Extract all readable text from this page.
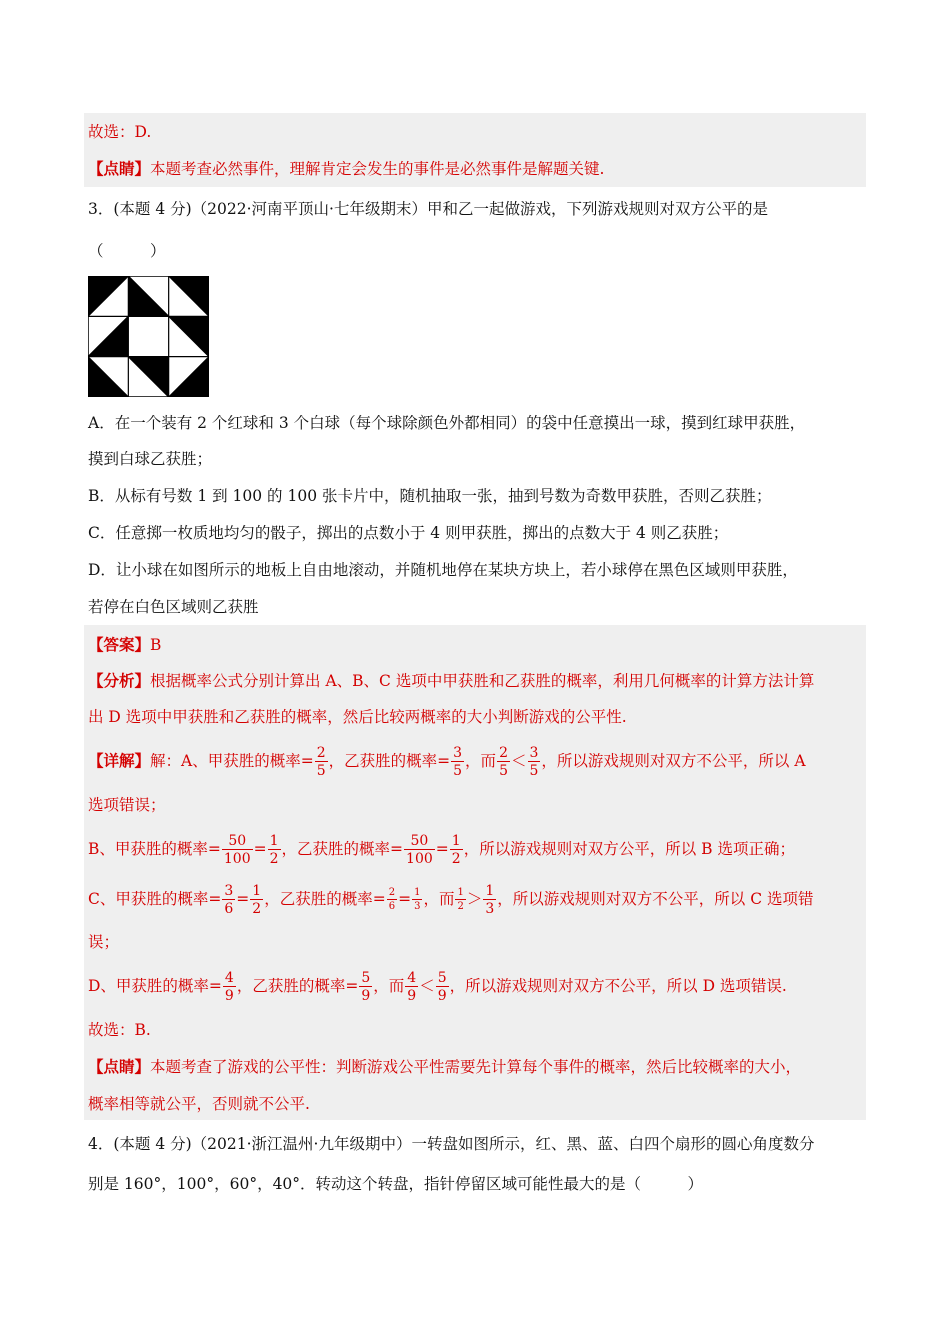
故选：D.
【点睛】本题考查必然事件，理解肯定会发生的事件是必然事件是解题关键.
3．(本题 4 分)（2022·河南平顶山·七年级期末）甲和乙一起做游戏，下列游戏规则对双方公平的是
（　　　）
A．在一个装有 2 个红球和 3 个白球（每个球除颜色外都相同）的袋中任意摸出一球，摸到红球甲获胜，
摸到白球乙获胜；
B．从标有号数 1 到 100 的 100 张卡片中，随机抽取一张，抽到号数为奇数甲获胜，否则乙获胜；
C．任意掷一枚质地均匀的骰子，掷出的点数小于 4 则甲获胜，掷出的点数大于 4 则乙获胜；
D．让小球在如图所示的地板上自由地滚动，并随机地停在某块方块上，若小球停在黑色区域则甲获胜，
若停在白色区域则乙获胜
【答案】B
【分析】根据概率公式分别计算出 A、B、C 选项中甲获胜和乙获胜的概率，利用几何概率的计算方法计算
出 D 选项中甲获胜和乙获胜的概率，然后比较两概率的大小判断游戏的公平性.
【详解】解：A、甲获胜的概率= $\frac{2}{5}$ ，乙获胜的概率= $\frac{3}{5}$ ，而 $\frac{2}{5} < \frac{3}{5}$ ，所以游戏规则对双方不公平，所以 A
选项错误；
B、甲获胜的概率= $\frac{50}{100} = \frac{1}{2}$ ，乙获胜的概率= $\frac{50}{100} = \frac{1}{2}$ ，所以游戏规则对双方公平，所以 B 选项正确；
C、甲获胜的概率= $\frac{3}{6} = \frac{1}{2}$ ，乙获胜的概率= $\frac{2}{6} = \frac{1}{3}$ ，而 $\frac{1}{2} > \frac{1}{3}$ ，所以游戏规则对双方不公平，所以 C 选项错
误；
D、甲获胜的概率= $\frac{4}{9}$ ，乙获胜的概率= $\frac{5}{9}$ ，而 $\frac{4}{9} < \frac{5}{9}$ ，所以游戏规则对双方不公平，所以 D 选项错误.
故选：B.
【点睛】本题考查了游戏的公平性：判断游戏公平性需要先计算每个事件的概率，然后比较概率的大小，
概率相等就公平，否则就不公平.
4．(本题 4 分)（2021·浙江温州·九年级期中）一转盘如图所示，红、黑、蓝、白四个扇形的圆心角度数分
别是 160°，100°，60°，40°．转动这个转盘，指针停留区域可能性最大的是（　　　）
